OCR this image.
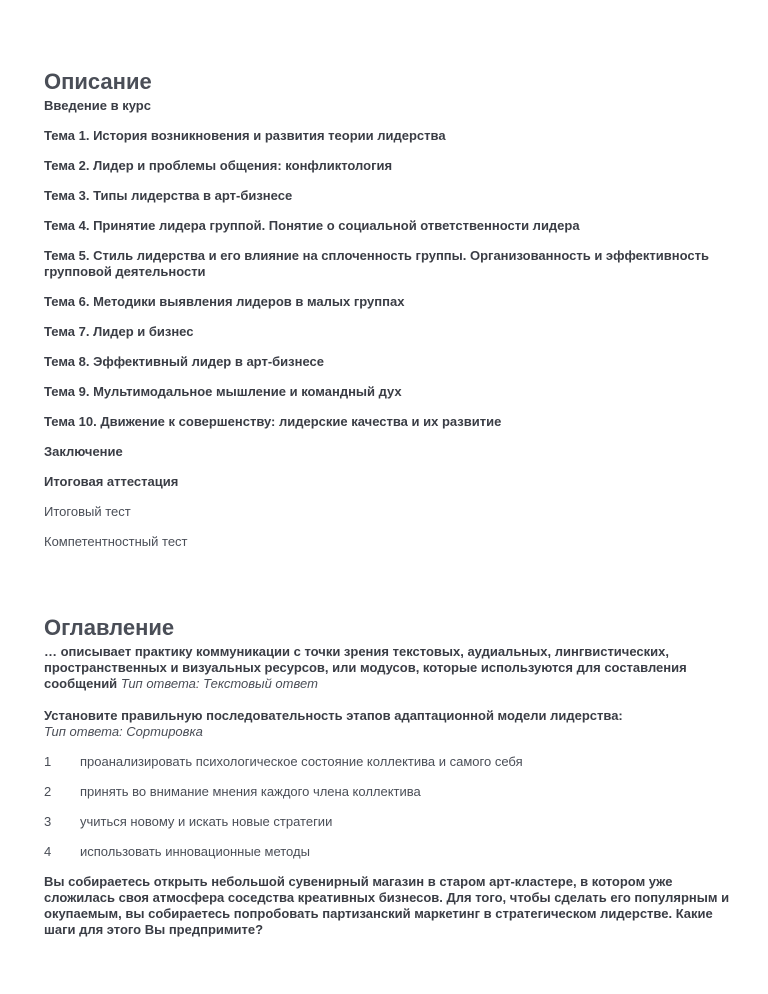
Описание
Введение в курс
Тема 1. История возникновения и развития теории лидерства
Тема 2. Лидер и проблемы общения: конфликтология
Тема 3. Типы лидерства в арт-бизнесе
Тема 4. Принятие лидера группой. Понятие о социальной ответственности лидера
Тема 5. Стиль лидерства и его влияние на сплоченность группы. Организованность и эффективность групповой деятельности
Тема 6. Методики выявления лидеров в малых группах
Тема 7. Лидер и бизнес
Тема 8. Эффективный лидер в арт-бизнесе
Тема 9. Мультимодальное мышление и командный дух
Тема 10. Движение к совершенству: лидерские качества и их развитие
Заключение
Итоговая аттестация
Итоговый тест
Компетентностный тест
Оглавление
… описывает практику коммуникации с точки зрения текстовых, аудиальных, лингвистических, пространственных и визуальных ресурсов, или модусов, которые используются для составления сообщений Тип ответа: Текстовый ответ
Установите правильную последовательность этапов адаптационной модели лидерства:
Тип ответа: Сортировка
1	проанализировать психологическое состояние коллектива и самого себя
2	принять во внимание мнения каждого члена коллектива
3	учиться новому и искать новые стратегии
4	использовать инновационные методы
Вы собираетесь открыть небольшой сувенирный магазин в старом арт-кластере, в котором уже сложилась своя атмосфера соседства креативных бизнесов. Для того, чтобы сделать его популярным и окупаемым, вы собираетесь попробовать партизанский маркетинг в стратегическом лидерстве. Какие шаги для этого Вы предпримите?
